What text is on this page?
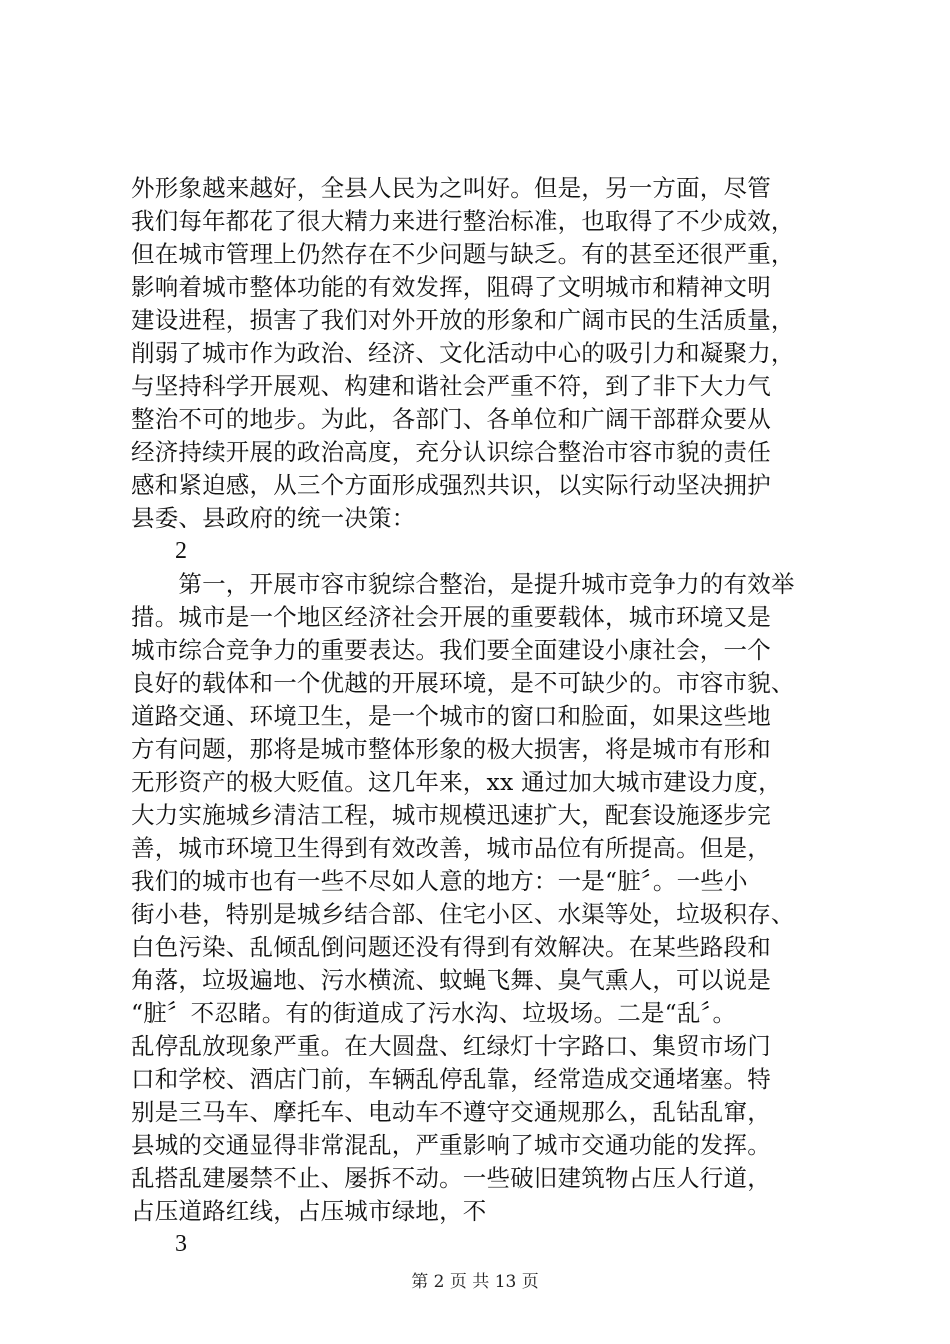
外形象越来越好，全县人民为之叫好。但是，另一方面，尽管
我们每年都花了很大精力来进行整治标准，也取得了不少成效，
但在城市管理上仍然存在不少问题与缺乏。有的甚至还很严重，
影响着城市整体功能的有效发挥，阻碍了文明城市和精神文明
建设进程，损害了我们对外开放的形象和广阔市民的生活质量，
削弱了城市作为政治、经济、文化活动中心的吸引力和凝聚力，
与坚持科学开展观、构建和谐社会严重不符，到了非下大力气
整治不可的地步。为此，各部门、各单位和广阔干部群众要从
经济持续开展的政治高度，充分认识综合整治市容市貌的责任
感和紧迫感，从三个方面形成强烈共识，以实际行动坚决拥护
县委、县政府的统一决策：
2
　　第一，开展市容市貌综合整治，是提升城市竞争力的有效举
措。城市是一个地区经济社会开展的重要载体，城市环境又是
城市综合竞争力的重要表达。我们要全面建设小康社会，一个
良好的载体和一个优越的开展环境，是不可缺少的。市容市貌、
道路交通、环境卫生，是一个城市的窗口和脸面，如果这些地
方有问题，那将是城市整体形象的极大损害，将是城市有形和
无形资产的极大贬值。这几年来，xx 通过加大城市建设力度，
大力实施城乡清洁工程，城市规模迅速扩大，配套设施逐步完
善，城市环境卫生得到有效改善，城市品位有所提高。但是，
我们的城市也有一些不尽如人意的地方：一是“脏〞。一些小
街小巷，特别是城乡结合部、住宅小区、水渠等处，垃圾积存、
白色污染、乱倾乱倒问题还没有得到有效解决。在某些路段和
角落，垃圾遍地、污水横流、蚊蝇飞舞、臭气熏人，可以说是
“脏〞不忍睹。有的街道成了污水沟、垃圾场。二是“乱〞。
乱停乱放现象严重。在大圆盘、红绿灯十字路口、集贸市场门
口和学校、酒店门前，车辆乱停乱靠，经常造成交通堵塞。特
别是三马车、摩托车、电动车不遵守交通规那么，乱钻乱窜，
县城的交通显得非常混乱，严重影响了城市交通功能的发挥。
乱搭乱建屡禁不止、屡拆不动。一些破旧建筑物占压人行道，
占压道路红线，占压城市绿地，不
3
第 2 页 共 13 页
